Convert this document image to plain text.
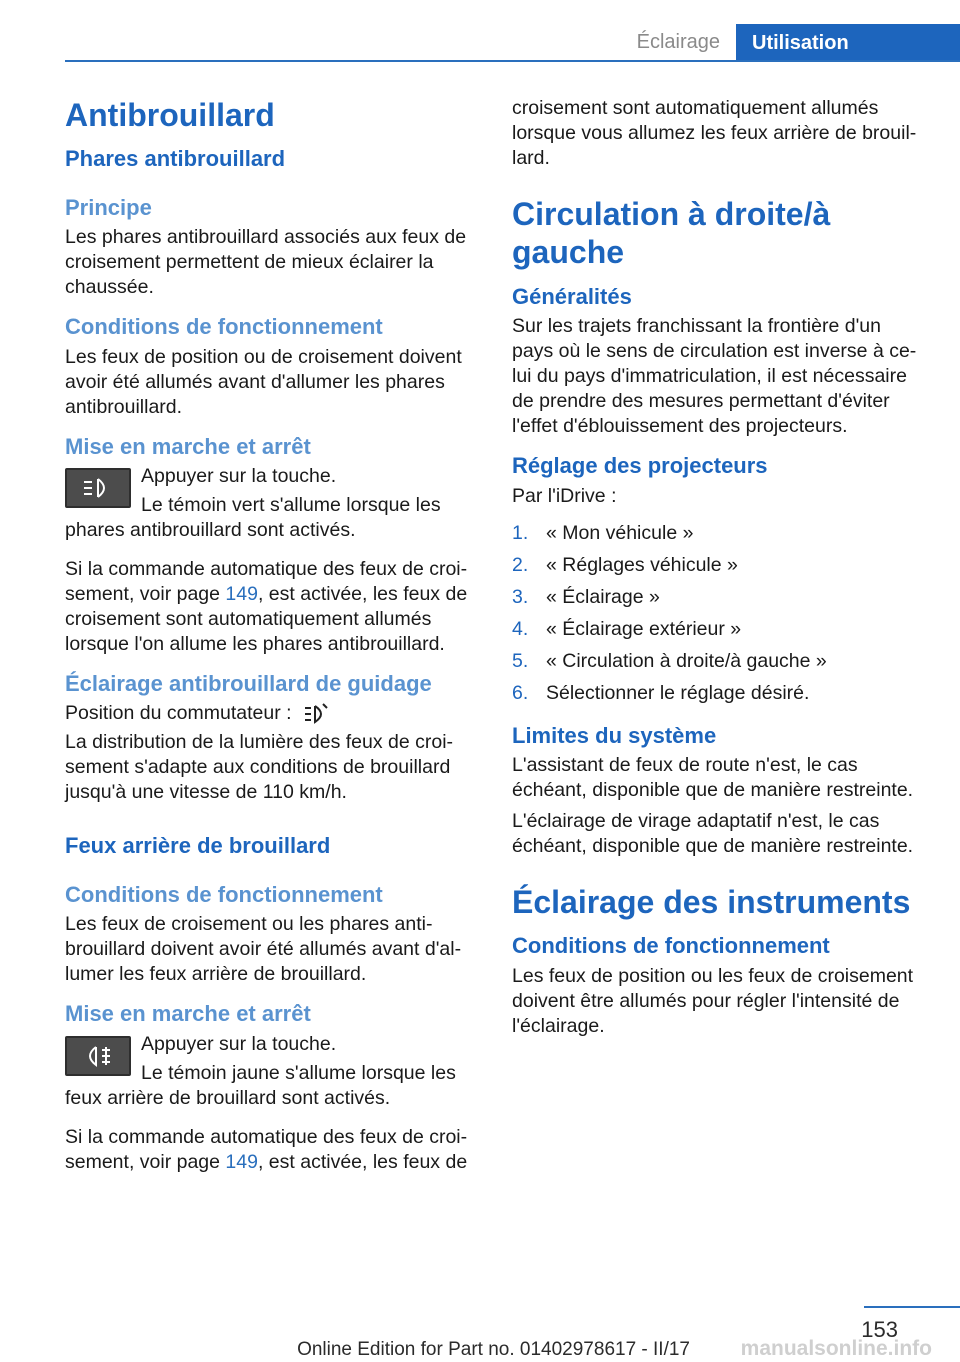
Éclairage	Utilisation
Antibrouillard
Phares antibrouillard
Principe

Les phares antibrouillard associés aux feux de croisement permettent de mieux éclairer la chaussée.

Conditions de fonctionnement

Les feux de position ou de croisement doivent avoir été allumés avant d'allumer les phares antibrouillard.

Mise en marche et arrêt

Appuyer sur la touche.

Le témoin vert s'allume lorsque les

phares antibrouillard sont activés.

Si la commande automatique des feux de croi-sement, voir page 149, est activée, les feux de croisement sont automatiquement allumés lorsque l'on allume les phares antibrouillard.

Éclairage antibrouillard de guidage

Position du commutateur :

La distribution de la lumière des feux de croi-sement s'adapte aux conditions de brouillard jusqu'à une vitesse de 110 km/h.

Feux arrière de brouillard
Conditions de fonctionnement

Les feux de croisement ou les phares anti-brouillard doivent avoir été allumés avant d'al-lumer les feux arrière de brouillard.

Mise en marche et arrêt

Appuyer sur la touche.

Le témoin jaune s'allume lorsque les

feux arrière de brouillard sont activés.

Si la commande automatique des feux de croi-sement, voir page 149, est activée, les feux de

croisement sont automatiquement allumés lorsque vous allumez les feux arrière de brouil-lard.

Circulation à droite/à gauche
Généralités

Sur les trajets franchissant la frontière d'un pays où le sens de circulation est inverse à ce-lui du pays d'immatriculation, il est nécessaire de prendre des mesures permettant d'éviter l'effet d'éblouissement des projecteurs.

Réglage des projecteurs

Par l'iDrive :

1. « Mon véhicule »
2. « Réglages véhicule »
3. « Éclairage »
4. « Éclairage extérieur »
5. « Circulation à droite/à gauche »
6. Sélectionner le réglage désiré.
Limites du système

L'assistant de feux de route n'est, le cas échéant, disponible que de manière restreinte.

L'éclairage de virage adaptatif n'est, le cas échéant, disponible que de manière restreinte.

Éclairage des instruments
Conditions de fonctionnement

Les feux de position ou les feux de croisement doivent être allumés pour régler l'intensité de l'éclairage.

153
Online Edition for Part no. 01402978617 - II/17 manualsonline.info
